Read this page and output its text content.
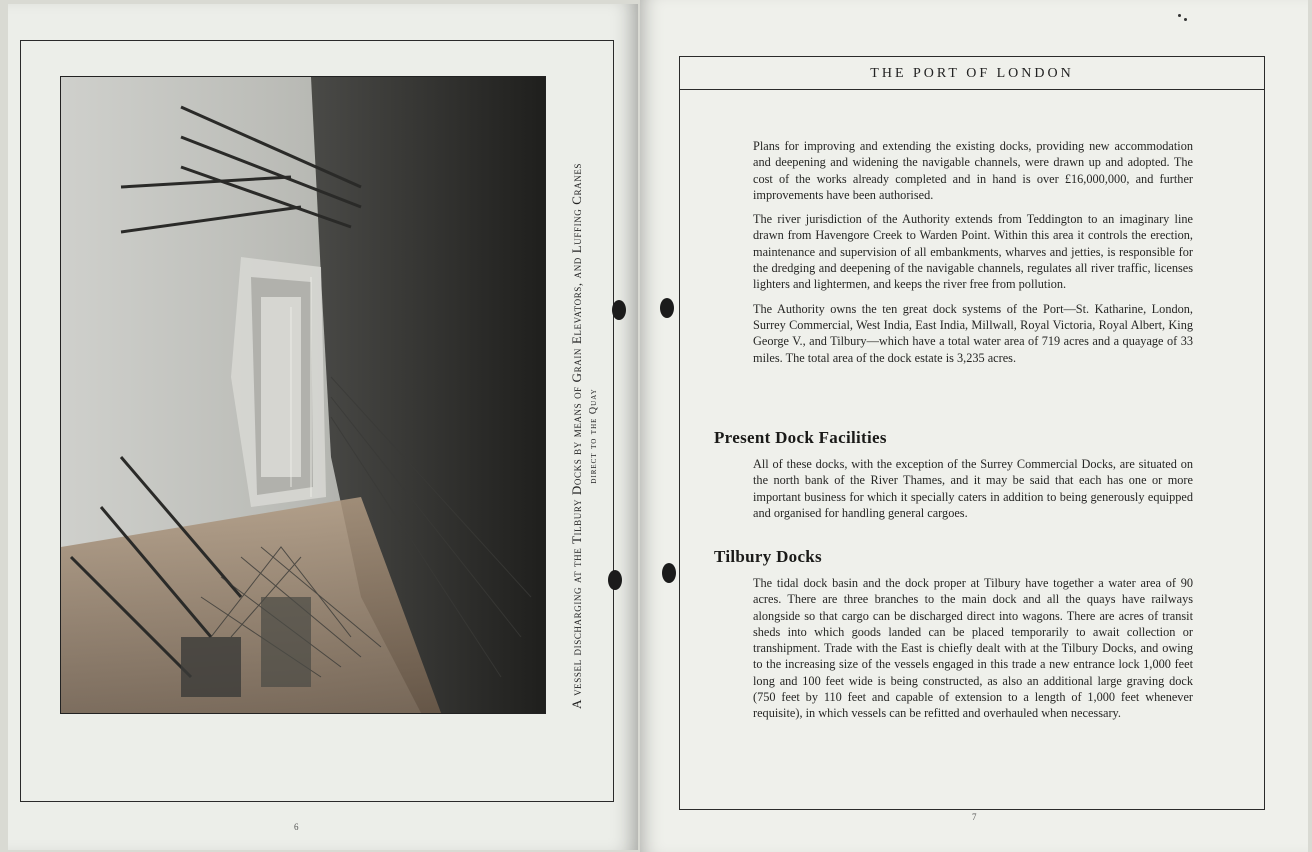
A vessel discharging at the Tilbury Docks by means of Grain Elevators, and Luffing Cranes direct to the Quay
6
THE PORT OF LONDON

Plans for improving and extending the existing docks, providing new accommodation and deepening and widening the navigable channels, were drawn up and adopted. The cost of the works already completed and in hand is over £16,000,000, and further improvements have been authorised.

The river jurisdiction of the Authority extends from Teddington to an imaginary line drawn from Havengore Creek to Warden Point. Within this area it controls the erection, maintenance and supervision of all embankments, wharves and jetties, is responsible for the dredging and deepening of the navigable channels, regulates all river traffic, licenses lighters and lightermen, and keeps the river free from pollution.

The Authority owns the ten great dock systems of the Port—St. Katharine, London, Surrey Commercial, West India, East India, Millwall, Royal Victoria, Royal Albert, King George V., and Tilbury—which have a total water area of 719 acres and a quayage of 33 miles. The total area of the dock estate is 3,235 acres.

Present Dock Facilities

All of these docks, with the exception of the Surrey Commercial Docks, are situated on the north bank of the River Thames, and it may be said that each has one or more important business for which it specially caters in addition to being generously equipped and organised for handling general cargoes.

Tilbury Docks

The tidal dock basin and the dock proper at Tilbury have together a water area of 90 acres. There are three branches to the main dock and all the quays have railways alongside so that cargo can be discharged direct into wagons. There are acres of transit sheds into which goods landed can be placed temporarily to await collection or transhipment. Trade with the East is chiefly dealt with at the Tilbury Docks, and owing to the increasing size of the vessels engaged in this trade a new entrance lock 1,000 feet long and 100 feet wide is being constructed, as also an additional large graving dock (750 feet by 110 feet and capable of extension to a length of 1,000 feet whenever requisite), in which vessels can be refitted and overhauled when necessary.

7
